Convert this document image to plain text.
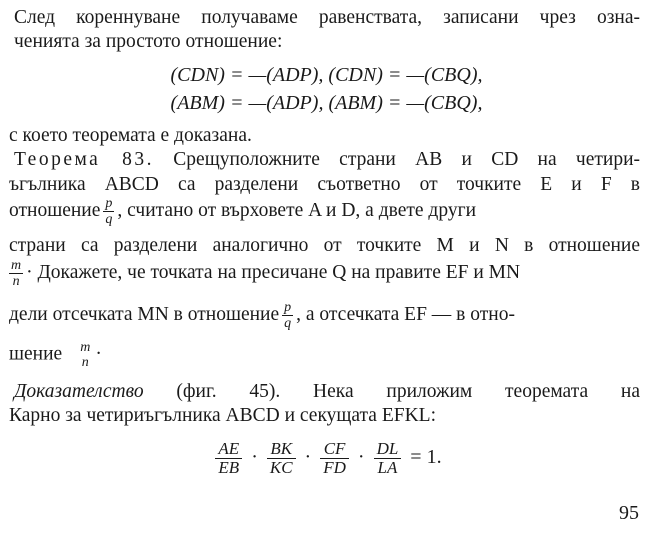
След кореннуване получаваме равенствата, записани чрез озна-
ченията за простото отношение:
(CDN) = —(ADP), (CDN) = —(CBQ),
(ABM) = —(ADP), (ABM) = —(CBQ),
с което теоремата е доказана.
Теорема 83. Срещуположните страни AB и CD на четири-
ъгълника ABCD са разделени съответно от точките E и F в
отношение $\frac{p}{q}$ , считано от върховете A и D, а двете други
страни са разделени аналогично от точките M и N в отношение
$\frac{m}{n}$ · Докажете, че точката на пресичане Q на правите EF и MN
дели отсечката MN в отношение $\frac{p}{q}$ , а отсечката EF — в отно-
шение m
n ·
Доказателство (фиг. 45). Нека приложим теоремата на
Карно за четириъгълника ABCD и секущата EFKL:
$\frac{AE}{EB} \cdot \frac{BK}{KC} \cdot \frac{CF}{FD} \cdot \frac{DL}{LA} = 1$.
95
